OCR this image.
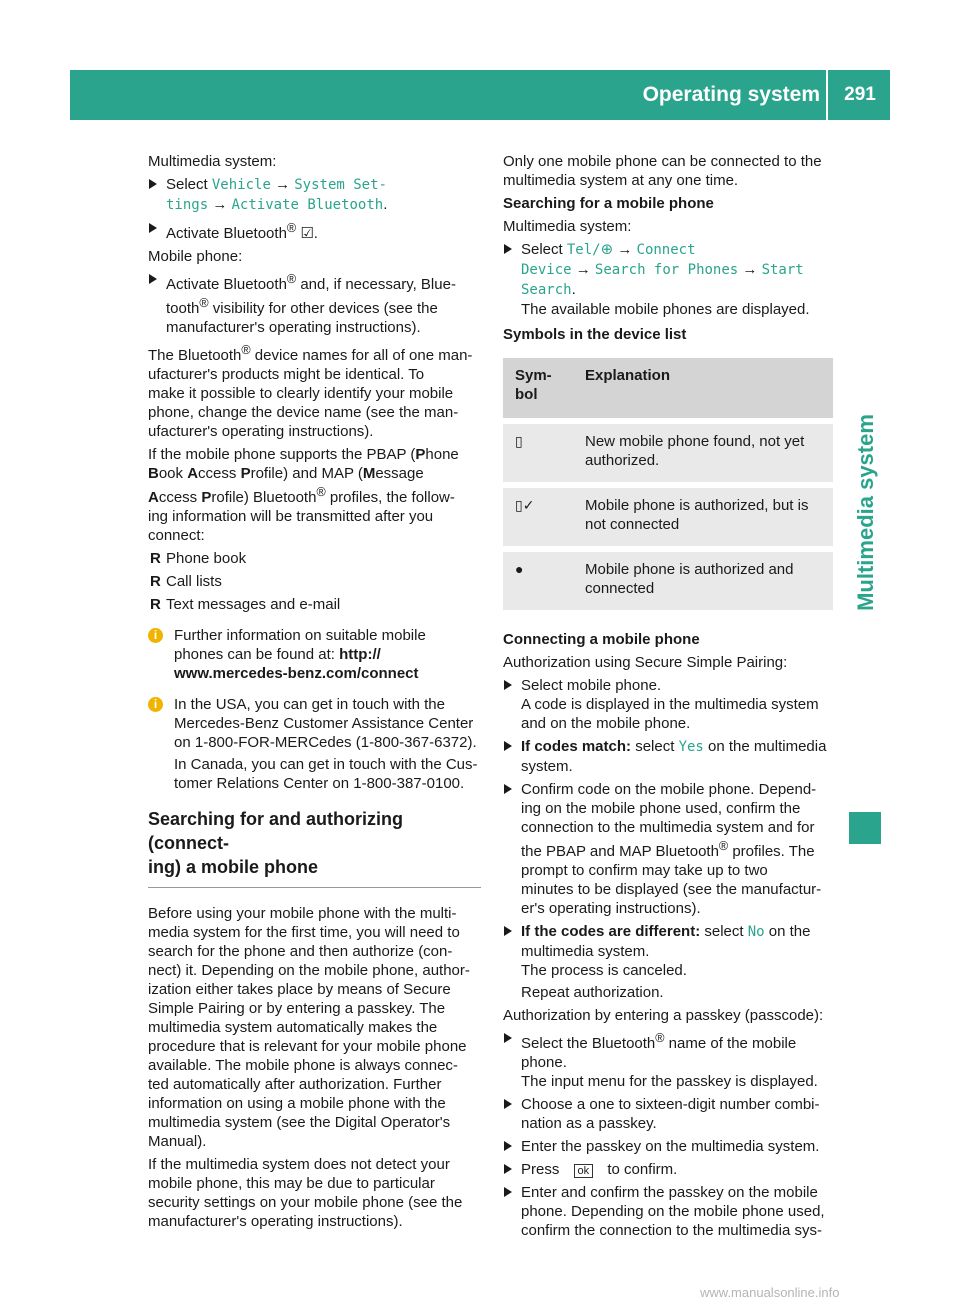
Operating system	291
Multimedia system

Multimedia system:

Select Vehicle → System Set‐
tings → Activate Bluetooth.
Activate Bluetooth® ☑.

Mobile phone:

Activate Bluetooth® and, if necessary, Blue-
tooth® visibility for other devices (see the
manufacturer's operating instructions).

The Bluetooth® device names for all of one man-
ufacturer's products might be identical. To
make it possible to clearly identify your mobile
phone, change the device name (see the man-
ufacturer's operating instructions).

If the mobile phone supports the PBAP (Phone
Book Access Profile) and MAP (Message
Access Profile) Bluetooth® profiles, the follow-
ing information will be transmitted after you
connect:

R Phone book
R Call lists
R Text messages and e-mail
i	Further information on suitable mobile
phones can be found at: http://
www.mercedes-benz.com/connect
i	In the USA, you can get in touch with the
Mercedes-Benz Customer Assistance Center
on 1-800-FOR-MERCedes (1-800-367-6372).

In Canada, you can get in touch with the Cus-
tomer Relations Center on 1-800-387-0100.
Searching for and authorizing (connect-
ing) a mobile phone

Before using your mobile phone with the multi-
media system for the first time, you will need to
search for the phone and then authorize (con-
nect) it. Depending on the mobile phone, author-
ization either takes place by means of Secure
Simple Pairing or by entering a passkey. The
multimedia system automatically makes the
procedure that is relevant for your mobile phone
available. The mobile phone is always connec-
ted automatically after authorization. Further
information on using a mobile phone with the
multimedia system (see the Digital Operator's
Manual).

If the multimedia system does not detect your
mobile phone, this may be due to particular
security settings on your mobile phone (see the
manufacturer's operating instructions).

Only one mobile phone can be connected to the
multimedia system at any one time.

Searching for a mobile phone

Multimedia system:

Select Tel/⊕ → Connect
Device → Search for Phones → Start
Search.
The available mobile phones are displayed.
Symbols in the device list
Sym-
bol	Explanation
▯	New mobile phone found, not yet
authorized.
▯✓	Mobile phone is authorized, but is
not connected
●	Mobile phone is authorized and
connected
Connecting a mobile phone

Authorization using Secure Simple Pairing:

Select mobile phone.
A code is displayed in the multimedia system
and on the mobile phone.
If codes match: select Yes on the multimedia
system.
Confirm code on the mobile phone. Depend-
ing on the mobile phone used, confirm the
connection to the multimedia system and for
the PBAP and MAP Bluetooth® profiles. The
prompt to confirm may take up to two
minutes to be displayed (see the manufactur-
er's operating instructions).
If the codes are different: select No on the
multimedia system.
The process is canceled.

Repeat authorization.

Authorization by entering a passkey (passcode):

Select the Bluetooth® name of the mobile
phone.
The input menu for the passkey is displayed.
Choose a one to sixteen-digit number combi-
nation as a passkey.
Enter the passkey on the multimedia system.
Press ok to confirm.
Enter and confirm the passkey on the mobile
phone. Depending on the mobile phone used,
confirm the connection to the multimedia sys-
www.manualsonline.info
